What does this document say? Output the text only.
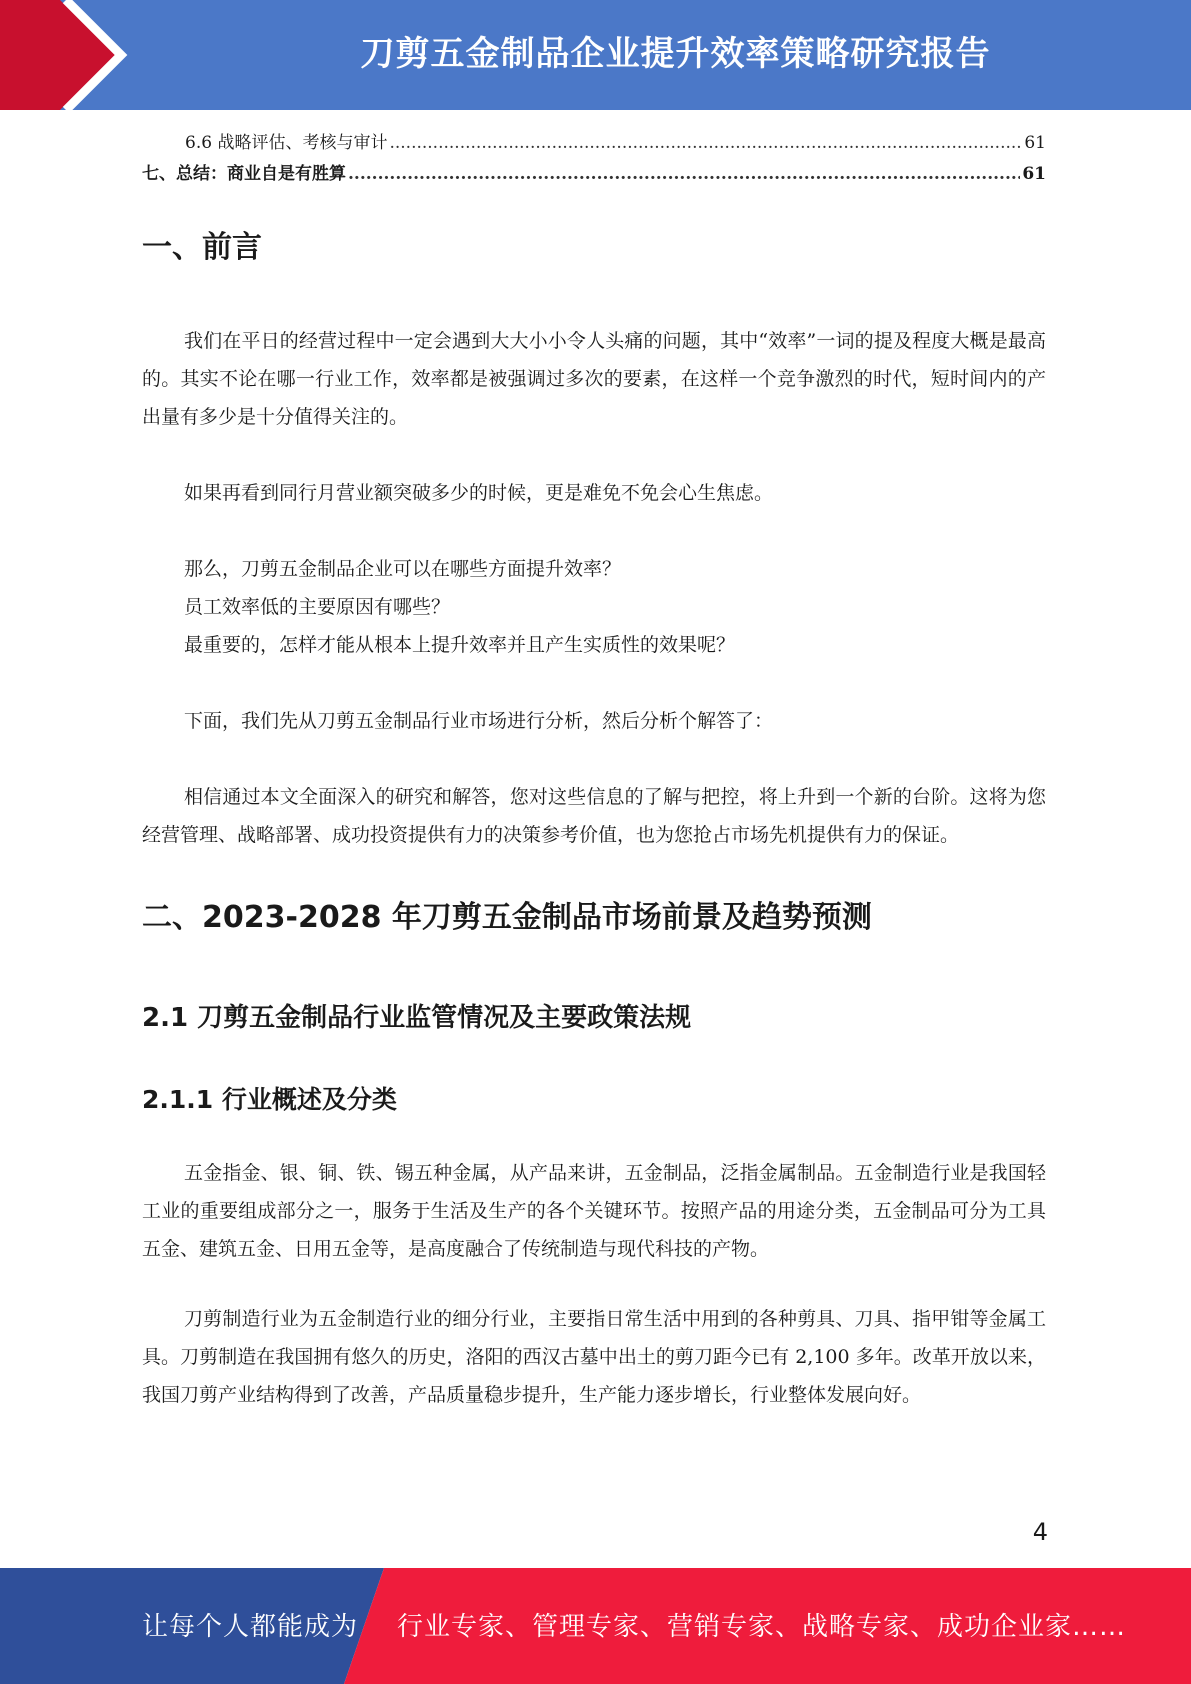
刀剪五金制品企业提升效率策略研究报告
6.6 战略评估、考核与审计 .....	61
七、总结：商业自是有胜算 .....	61
一、前言

我们在平日的经营过程中一定会遇到大大小小令人头痛的问题，其中“效率”一词的提及程度大概是最高的。其实不论在哪一行业工作，效率都是被强调过多次的要素，在这样一个竞争激烈的时代，短时间内的产出量有多少是十分值得关注的。

如果再看到同行月营业额突破多少的时候，更是难免不免会心生焦虑。

那么，刀剪五金制品企业可以在哪些方面提升效率？

员工效率低的主要原因有哪些？

最重要的，怎样才能从根本上提升效率并且产生实质性的效果呢？

下面，我们先从刀剪五金制品行业市场进行分析，然后分析个解答了：

相信通过本文全面深入的研究和解答，您对这些信息的了解与把控，将上升到一个新的台阶。这将为您经营管理、战略部署、成功投资提供有力的决策参考价值，也为您抢占市场先机提供有力的保证。

二、2023-2028 年刀剪五金制品市场前景及趋势预测
2.1 刀剪五金制品行业监管情况及主要政策法规
2.1.1 行业概述及分类

五金指金、银、铜、铁、锡五种金属，从产品来讲，五金制品，泛指金属制品。五金制造行业是我国轻工业的重要组成部分之一，服务于生活及生产的各个关键环节。按照产品的用途分类，五金制品可分为工具五金、建筑五金、日用五金等，是高度融合了传统制造与现代科技的产物。

刀剪制造行业为五金制造行业的细分行业，主要指日常生活中用到的各种剪具、刀具、指甲钳等金属工具。刀剪制造在我国拥有悠久的历史，洛阳的西汉古墓中出土的剪刀距今已有 2,100 多年。改革开放以来，我国刀剪产业结构得到了改善，产品质量稳步提升，生产能力逐步增长，行业整体发展向好。

4
让每个人都能成为 行业专家、管理专家、营销专家、战略专家、成功企业家……
